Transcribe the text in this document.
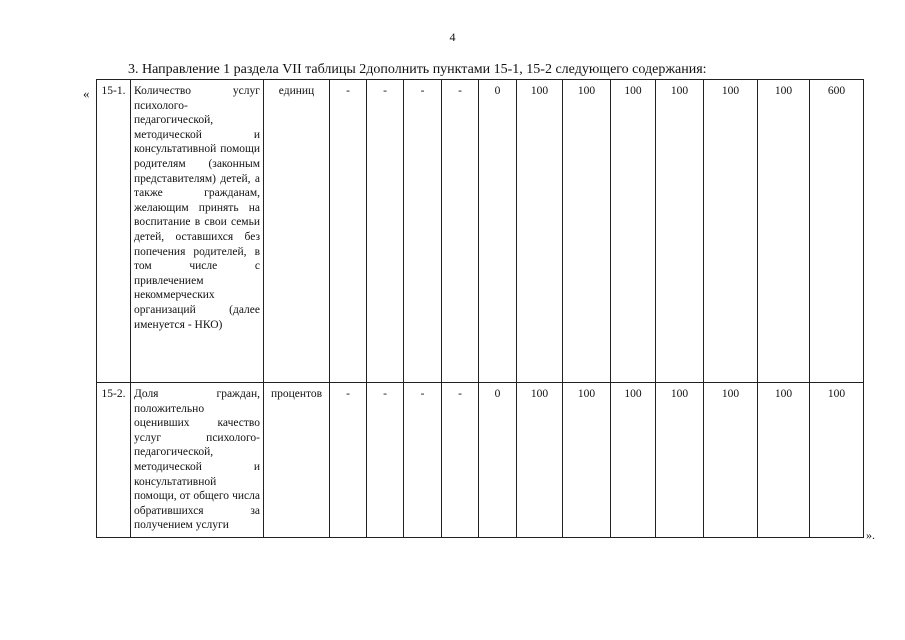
4
3. Направление 1 раздела VII таблицы 2дополнить пунктами 15-1, 15-2 следующего содержания:
« 15-1.	Количество услуг психолого-педагогической, методической и консультативной помощи родителям (законным представителям) детей, а также гражданам, желающим принять на воспитание в свои семьи детей, оставшихся без попечения родителей, в том числе с привлечением некоммерческих организаций (далее именуется - НКО)	единиц	-	-	-	-	0	100	100	100	100	100	100	600
15-2.	Доля граждан, положительно оценивших качество услуг психолого-педагогической, методической и консультативной помощи, от общего числа обратившихся за получением услуги	процентов	-	-	-	-	0	100	100	100	100	100	100	100
».
